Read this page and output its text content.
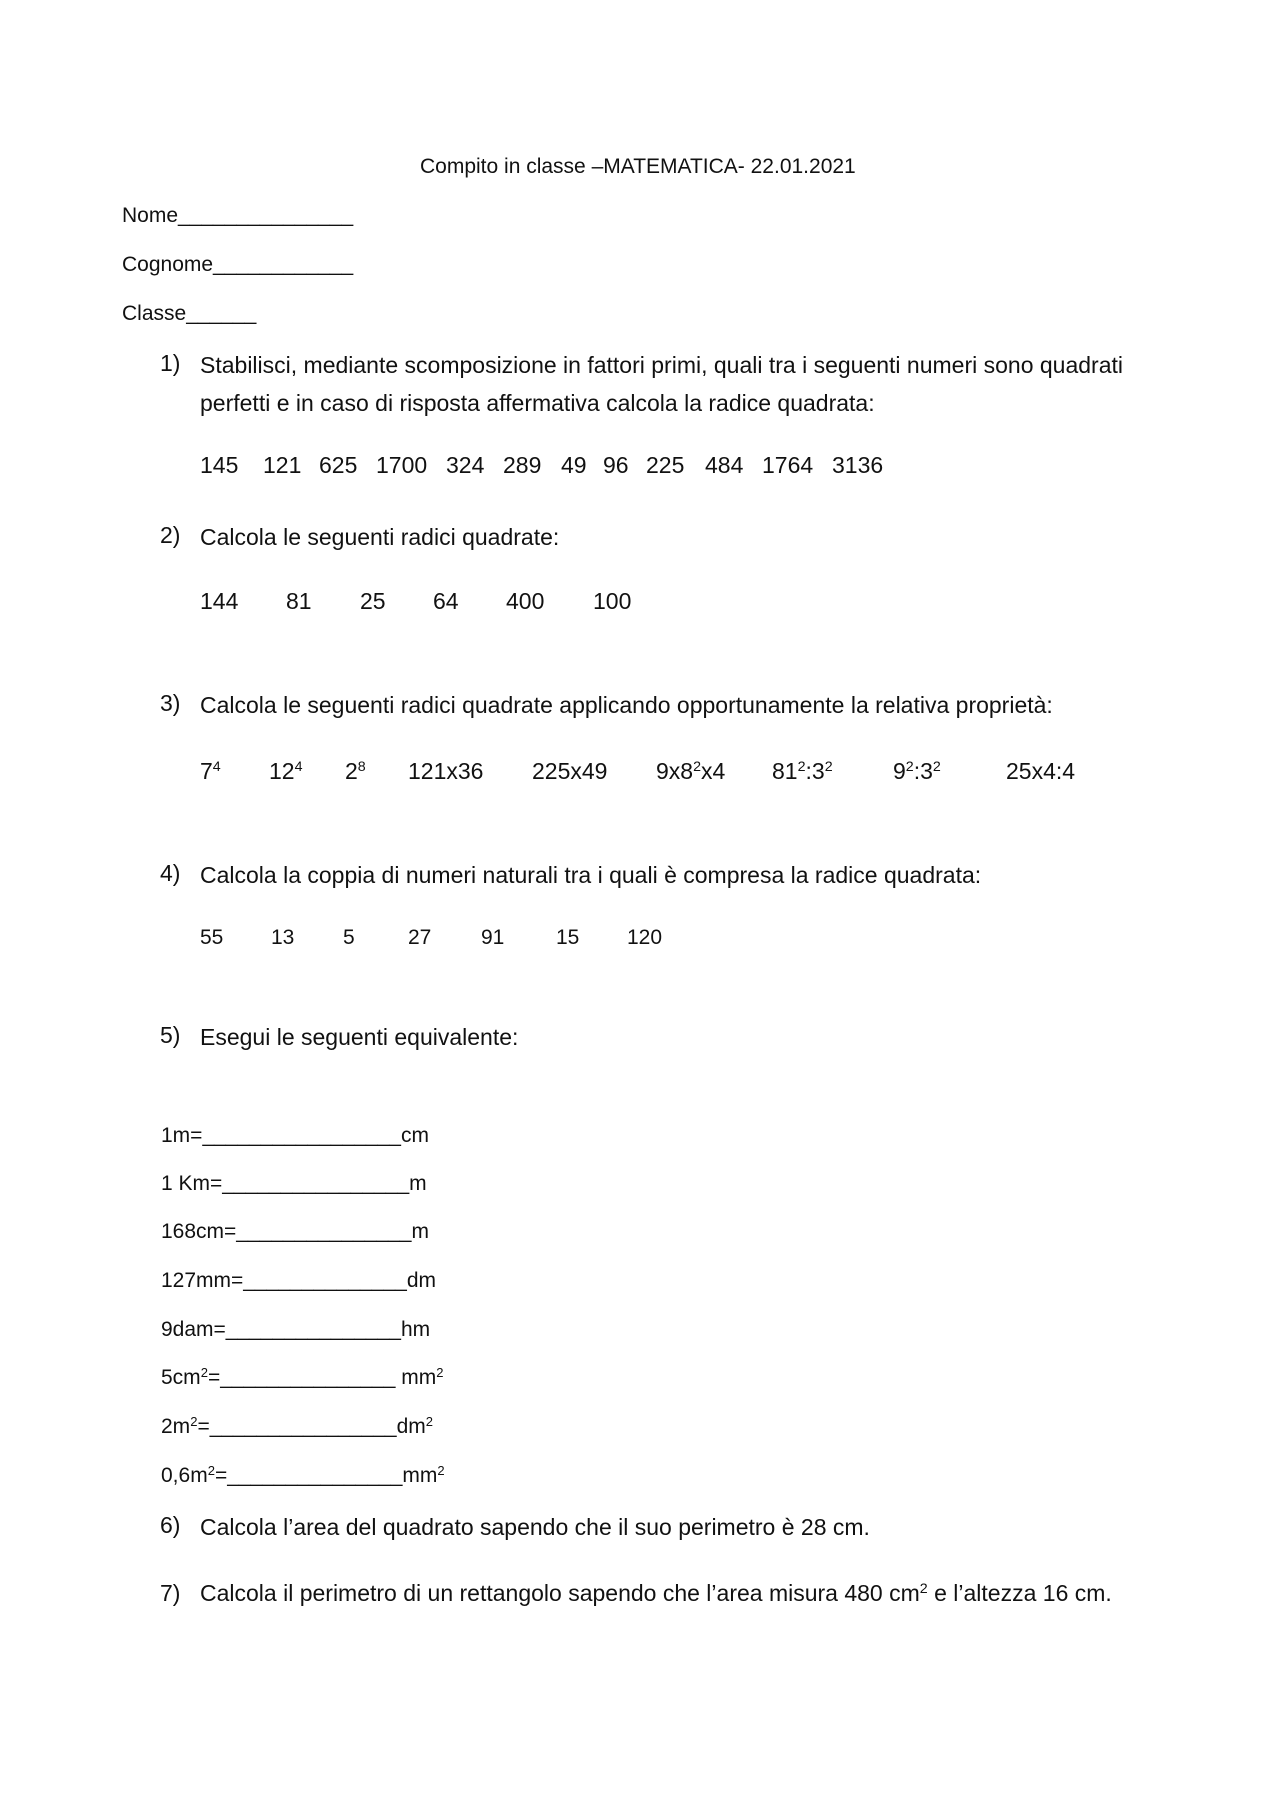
Compito in classe –MATEMATICA- 22.01.2021
Nome_______________
Cognome____________
Classe______
1) Stabilisci, mediante scomposizione in fattori primi, quali tra i seguenti numeri sono quadrati perfetti e in caso di risposta affermativa calcola la radice quadrata:
145 121 625 1700 324 289 49 96 225 484 1764 3136
2) Calcola le seguenti radici quadrate:
144 81 25 64 400 100
3) Calcola le seguenti radici quadrate applicando opportunamente la relativa proprietà:
$7^4$ $12^4$ $2^8$ 121x36 225x49 $9x8^2x4$ $81^2:3^2$	$9^2:3^2$	25x4:4
4) Calcola la coppia di numeri naturali tra i quali è compresa la radice quadrata:
55 13 5	27 91 15 120
5) Esegui le seguenti equivalente:
1m=_________________cm
1 Km=________________m
168cm=_______________m
127mm=______________dm
9dam=_______________hm
$5cm^2=\_\_\_\_\_\_\_\_\_\_\_\_\_\_\_$ $mm^2$
$2m^2=\_\_\_\_\_\_\_\_\_\_\_\_\_\_\_\_dm^2$
$0,6m^2=\_\_\_\_\_\_\_\_\_\_\_\_\_\_\_mm^2$
6) Calcola l’area del quadrato sapendo che il suo perimetro è 28 cm.
7) Calcola il perimetro di un rettangolo sapendo che l’area misura 480 $cm^2$ e l’altezza 16 cm.
